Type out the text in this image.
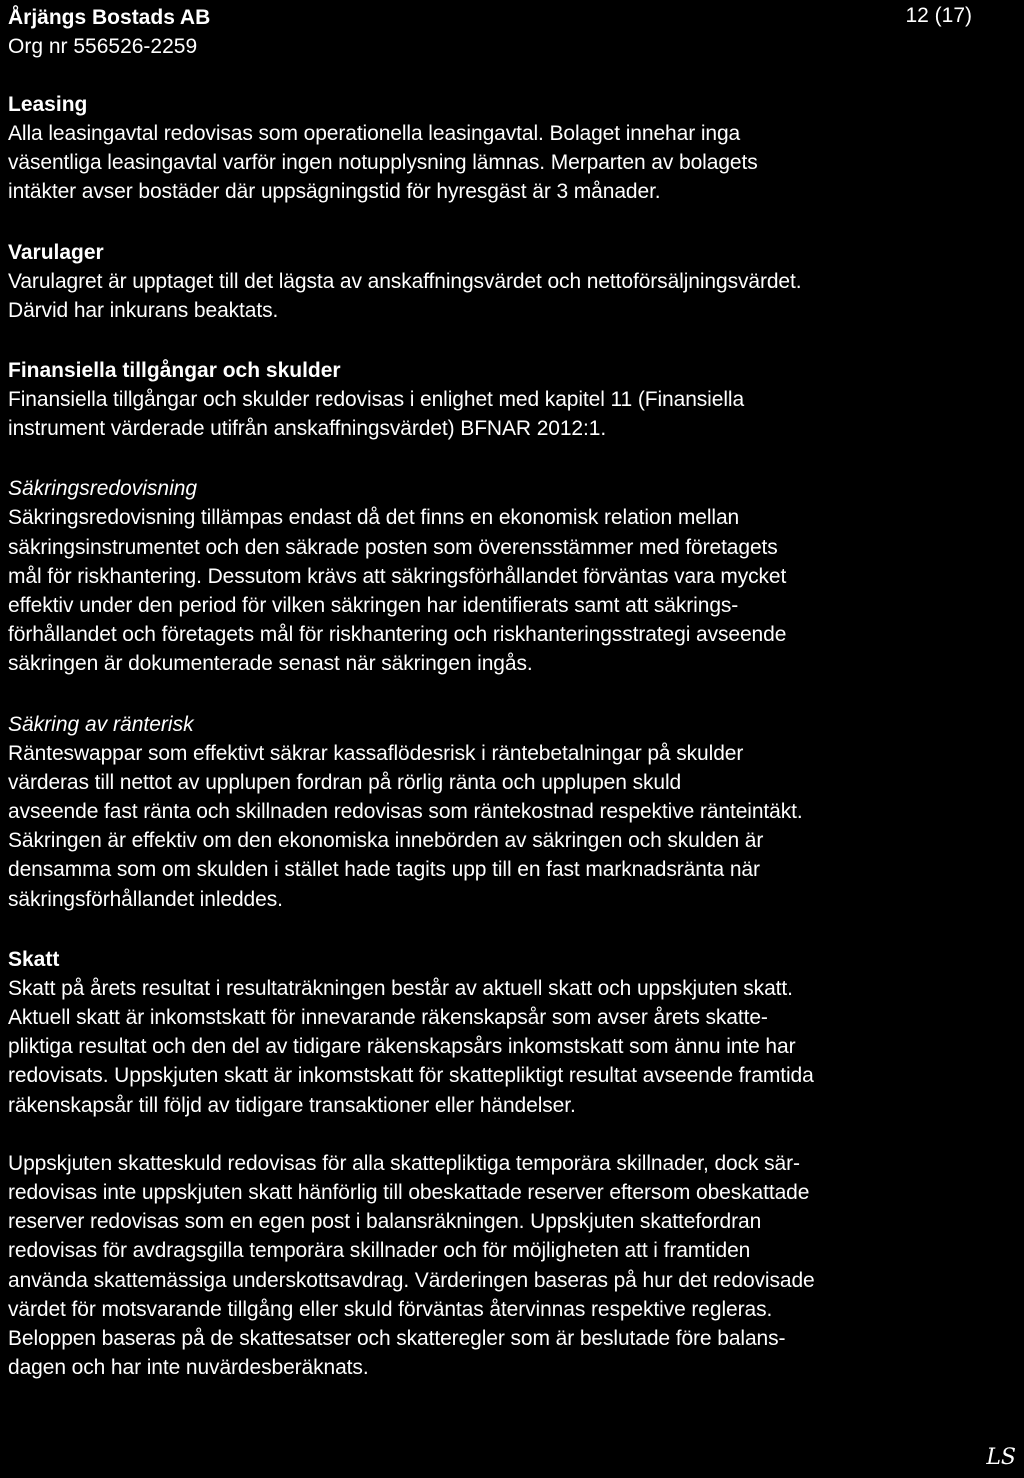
Årjängs Bostads AB

Org nr 556526-2259

12 (17)

Leasing

Alla leasingavtal redovisas som operationella leasingavtal. Bolaget innehar inga
väsentliga leasingavtal varför ingen notupplysning lämnas. Merparten av bolagets
intäkter avser bostäder där uppsägningstid för hyresgäst är 3 månader.

Varulager

Varulagret är upptaget till det lägsta av anskaffningsvärdet och nettoförsäljningsvärdet.
Därvid har inkurans beaktats.

Finansiella tillgångar och skulder

Finansiella tillgångar och skulder redovisas i enlighet med kapitel 11 (Finansiella
instrument värderade utifrån anskaffningsvärdet) BFNAR 2012:1.

Säkringsredovisning

Säkringsredovisning tillämpas endast då det finns en ekonomisk relation mellan
säkringsinstrumentet och den säkrade posten som överensstämmer med företagets
mål för riskhantering. Dessutom krävs att säkringsförhållandet förväntas vara mycket
effektiv under den period för vilken säkringen har identifierats samt att säkrings-
förhållandet och företagets mål för riskhantering och riskhanteringsstrategi avseende
säkringen är dokumenterade senast när säkringen ingås.

Säkring av ränterisk

Ränteswappar som effektivt säkrar kassaflödesrisk i räntebetalningar på skulder
värderas till nettot av upplupen fordran på rörlig ränta och upplupen skuld
avseende fast ränta och skillnaden redovisas som räntekostnad respektive ränteintäkt.
Säkringen är effektiv om den ekonomiska innebörden av säkringen och skulden är
densamma som om skulden i stället hade tagits upp till en fast marknadsränta när
säkringsförhållandet inleddes.

Skatt

Skatt på årets resultat i resultaträkningen består av aktuell skatt och uppskjuten skatt.
Aktuell skatt är inkomstskatt för innevarande räkenskapsår som avser årets skatte-
pliktiga resultat och den del av tidigare räkenskapsårs inkomstskatt som ännu inte har
redovisats. Uppskjuten skatt är inkomstskatt för skattepliktigt resultat avseende framtida
räkenskapsår till följd av tidigare transaktioner eller händelser.

Uppskjuten skatteskuld redovisas för alla skattepliktiga temporära skillnader, dock sär-
redovisas inte uppskjuten skatt hänförlig till obeskattade reserver eftersom obeskattade
reserver redovisas som en egen post i balansräkningen. Uppskjuten skattefordran
redovisas för avdragsgilla temporära skillnader och för möjligheten att i framtiden
använda skattemässiga underskottsavdrag. Värderingen baseras på hur det redovisade
värdet för motsvarande tillgång eller skuld förväntas återvinnas respektive regleras.
Beloppen baseras på de skattesatser och skatteregler som är beslutade före balans-
dagen och har inte nuvärdesberäknats.

LS
